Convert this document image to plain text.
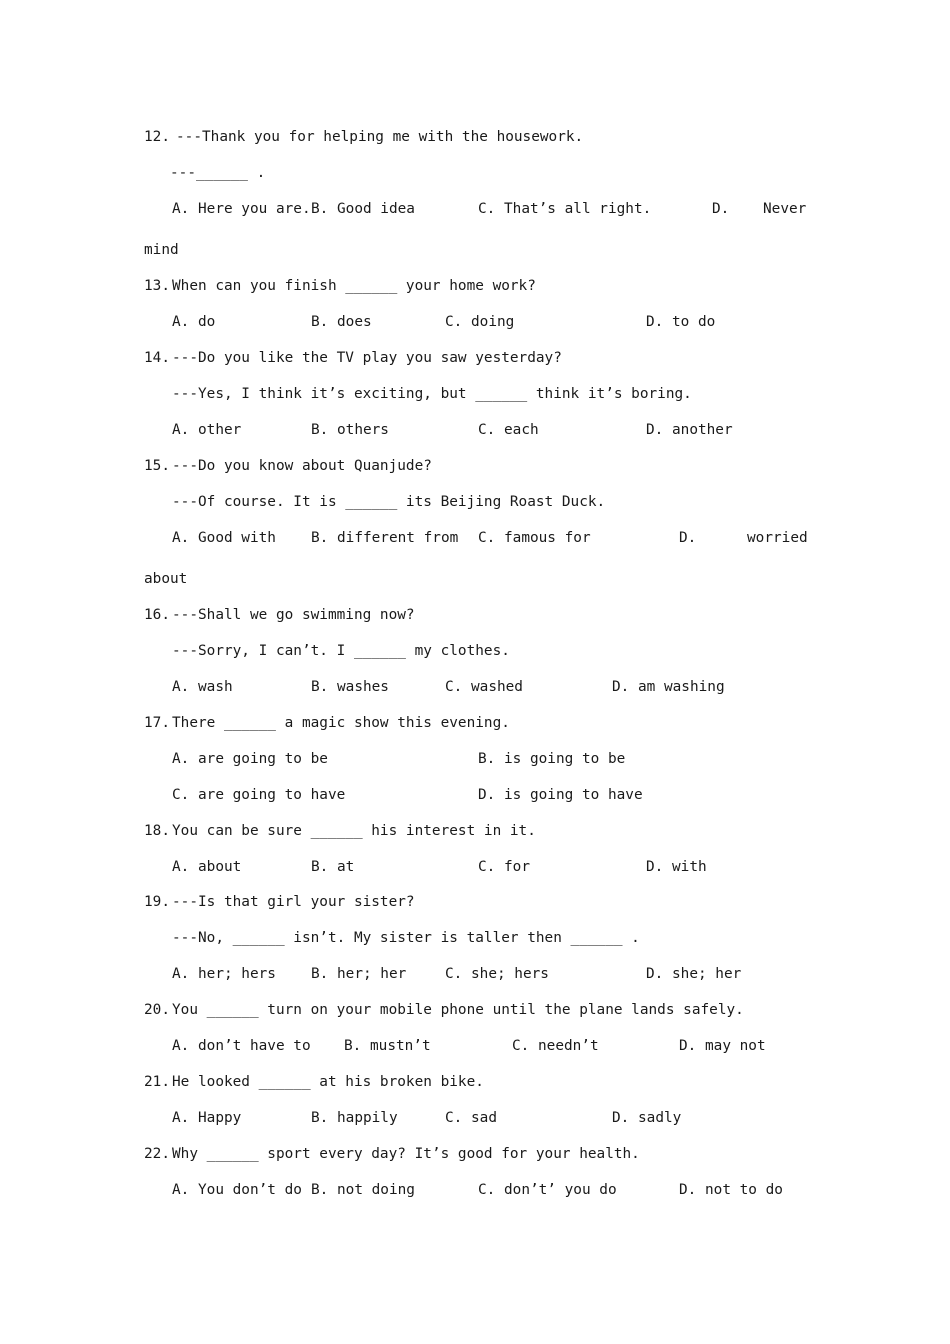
12. ---Thank you for helping me with the housework.
---______ .
A. Here you are. B. Good idea	C. That’s all right.	D. Never
mind
13. When can you finish ______ your home work?
A. do	B. does	C. doing	D. to do
14. ---Do you like the TV play you saw yesterday?
---Yes, I think it’s exciting, but ______ think it’s boring.
A. other	B. others	C. each	D. another
15. ---Do you know about Quanjude?
---Of course. It is ______ its Beijing Roast Duck.
A. Good with B. different from C. famous for	D.	worried
about
16. ---Shall we go swimming now?
---Sorry, I can’t. I ______ my clothes.
A. wash	B. washes	C. washed	D. am washing
17. There ______ a magic show this evening.
A. are going to be	B. is going to be
C. are going to have	D. is going to have
18. You can be sure ______ his interest in it.
A. about	B. at	C. for	D. with
19. ---Is that girl your sister?
---No, ______ isn’t. My sister is taller then ______ .
A. her; hers B. her; her	C. she; hers	D. she; her
20. You ______ turn on your mobile phone until the plane lands safely.
A. don’t have to B. mustn’t	C. needn’t	D. may not
21. He looked ______ at his broken bike.
A. Happy	B. happily	C. sad	D. sadly
22. Why ______ sport every day? It’s good for your health.
A. You don’t do B. not doing	C. don’t’ you do	D. not to do
